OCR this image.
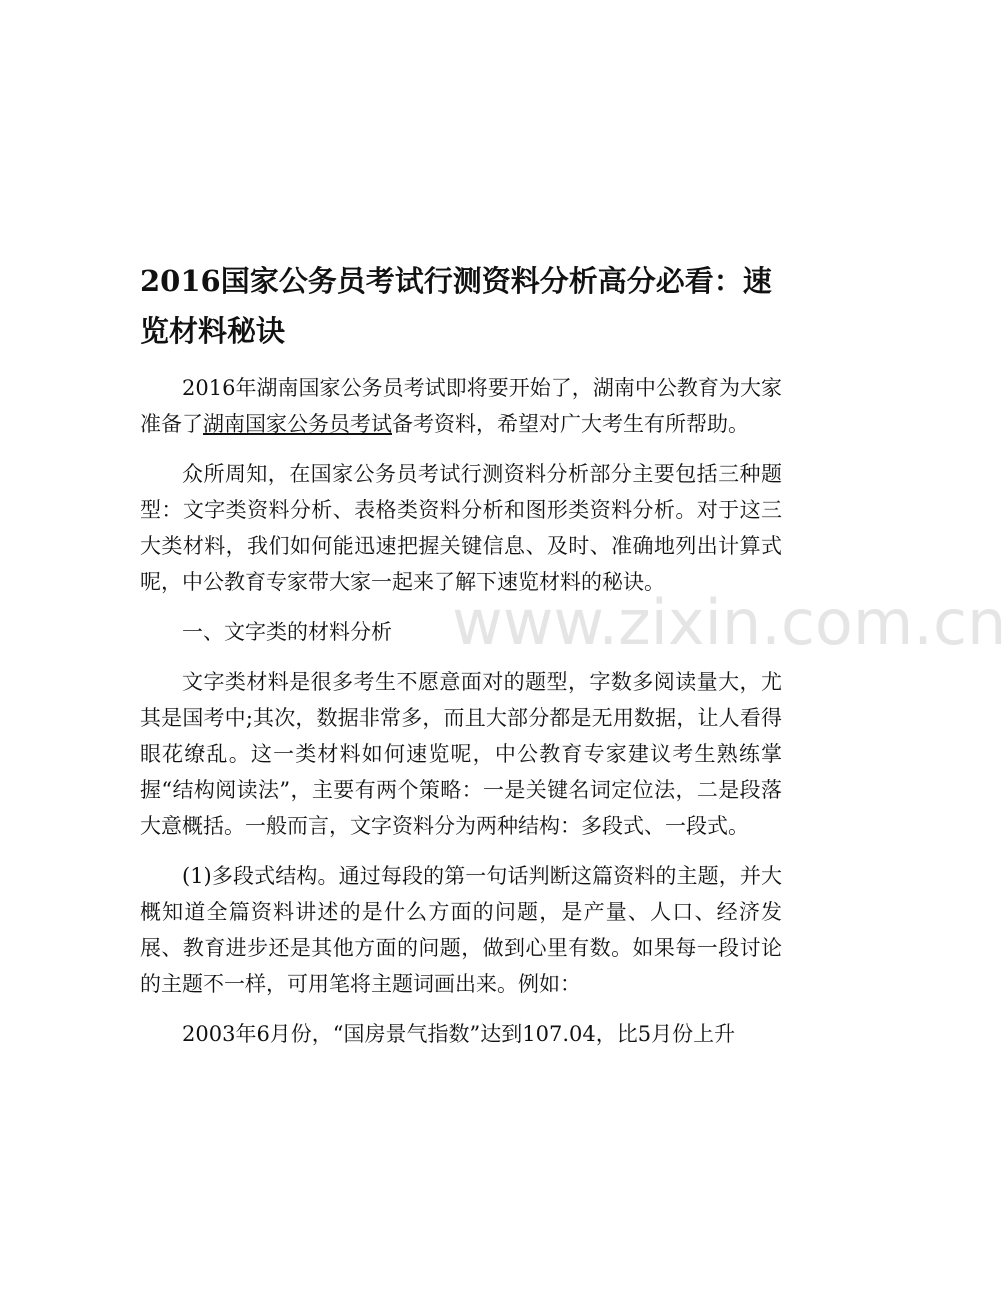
www.zixin.com.cn
2016国家公务员考试行测资料分析高分必看：速览材料秘诀

2016年湖南国家公务员考试即将要开始了，湖南中公教育为大家准备了湖南国家公务员考试备考资料，希望对广大考生有所帮助。

众所周知，在国家公务员考试行测资料分析部分主要包括三种题型：文字类资料分析、表格类资料分析和图形类资料分析。对于这三大类材料，我们如何能迅速把握关键信息、及时、准确地列出计算式呢，中公教育专家带大家一起来了解下速览材料的秘诀。

一、文字类的材料分析

文字类材料是很多考生不愿意面对的题型，字数多阅读量大，尤其是国考中;其次，数据非常多，而且大部分都是无用数据，让人看得眼花缭乱。这一类材料如何速览呢，中公教育专家建议考生熟练掌握“结构阅读法”，主要有两个策略：一是关键名词定位法，二是段落大意概括。一般而言，文字资料分为两种结构：多段式、一段式。

(1)多段式结构。通过每段的第一句话判断这篇资料的主题，并大概知道全篇资料讲述的是什么方面的问题，是产量、人口、经济发展、教育进步还是其他方面的问题，做到心里有数。如果每一段讨论的主题不一样，可用笔将主题词画出来。例如：

2003年6月份，“国房景气指数”达到107.04，比5月份上升
